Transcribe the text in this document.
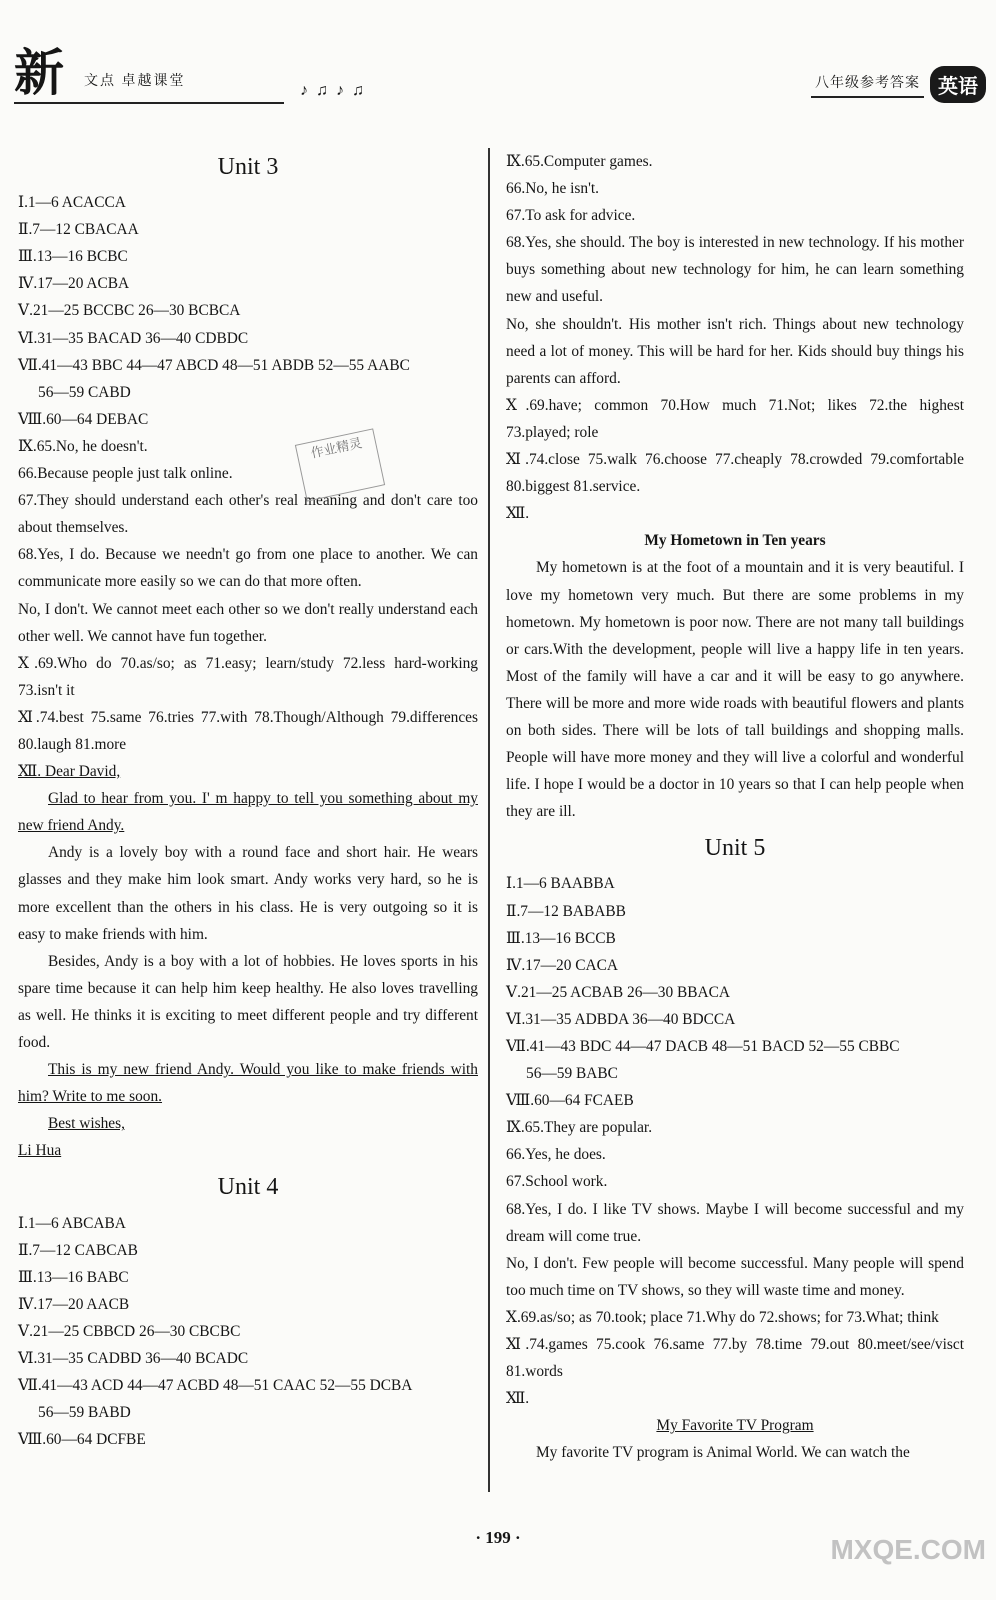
新 文点 卓越课堂
♪ ♫ ♪ ♫	八年级参考答案 英语

Unit 3

Ⅰ.1—6 ACACCA

Ⅱ.7—12 CBACAA

Ⅲ.13—16 BCBC

Ⅳ.17—20 ACBA

Ⅴ.21—25 BCCBC 26—30 BCBCA

Ⅵ.31—35 BACAD 36—40 CDBDC

Ⅶ.41—43 BBC 44—47 ABCD 48—51 ABDB 52—55 AABC

56—59 CABD

Ⅷ.60—64 DEBAC

Ⅸ.65.No, he doesn't.

66.Because people just talk online.

67.They should understand each other's real meaning and don't care too about themselves.

68.Yes, I do. Because we needn't go from one place to another. We can communicate more easily so we can do that more often.

No, I don't. We cannot meet each other so we don't really understand each other well. We cannot have fun together.

Ⅹ.69.Who do 70.as/so; as 71.easy; learn/study 72.less hard-working 73.isn't it

Ⅺ.74.best 75.same 76.tries 77.with 78.Though/Although 79.differences 80.laugh 81.more

Ⅻ. Dear David,

Glad to hear from you. I' m happy to tell you something about my new friend Andy.

Andy is a lovely boy with a round face and short hair. He wears glasses and they make him look smart. Andy works very hard, so he is more excellent than the others in his class. He is very outgoing so it is easy to make friends with him.

Besides, Andy is a boy with a lot of hobbies. He loves sports in his spare time because it can help him keep healthy. He also loves travelling as well. He thinks it is exciting to meet different people and try different food.

This is my new friend Andy. Would you like to make friends with him? Write to me soon.

Best wishes,

Li Hua

Unit 4

Ⅰ.1—6 ABCABA

Ⅱ.7—12 CABCAB

Ⅲ.13—16 BABC

Ⅳ.17—20 AACB

Ⅴ.21—25 CBBCD 26—30 CBCBC

Ⅵ.31—35 CADBD 36—40 BCADC

Ⅶ.41—43 ACD 44—47 ACBD 48—51 CAAC 52—55 DCBA

56—59 BABD

Ⅷ.60—64 DCFBE

Ⅸ.65.Computer games.

66.No, he isn't.

67.To ask for advice.

68.Yes, she should. The boy is interested in new technology. If his mother buys something about new technology for him, he can learn something new and useful.

No, she shouldn't. His mother isn't rich. Things about new technology need a lot of money. This will be hard for her. Kids should buy things his parents can afford.

Ⅹ.69.have; common 70.How much 71.Not; likes 72.the highest 73.played; role

Ⅺ.74.close 75.walk 76.choose 77.cheaply 78.crowded 79.comfortable 80.biggest 81.service.

Ⅻ.

My Hometown in Ten years

My hometown is at the foot of a mountain and it is very beautiful. I love my hometown very much. But there are some problems in my hometown. My hometown is poor now. There are not many tall buildings or cars.With the development, people will live a happy life in ten years. Most of the family will have a car and it will be easy to go anywhere. There will be more and more wide roads with beautiful flowers and plants on both sides. There will be lots of tall buildings and shopping malls. People will have more money and they will live a colorful and wonderful life. I hope I would be a doctor in 10 years so that I can help people when they are ill.

Unit 5

Ⅰ.1—6 BAABBA

Ⅱ.7—12 BABABB

Ⅲ.13—16 BCCB

Ⅳ.17—20 CACA

Ⅴ.21—25 ACBAB 26—30 BBACA

Ⅵ.31—35 ADBDA 36—40 BDCCA

Ⅶ.41—43 BDC 44—47 DACB 48—51 BACD 52—55 CBBC

56—59 BABC

Ⅷ.60—64 FCAEB

Ⅸ.65.They are popular.

66.Yes, he does.

67.School work.

68.Yes, I do. I like TV shows. Maybe I will become successful and my dream will come true.

No, I don't. Few people will become successful. Many people will spend too much time on TV shows, so they will waste time and money.

Ⅹ.69.as/so; as 70.took; place 71.Why do 72.shows; for 73.What; think

Ⅺ.74.games 75.cook 76.same 77.by 78.time 79.out 80.meet/see/visct 81.words

Ⅻ.

My Favorite TV Program

My favorite TV program is Animal World. We can watch the

作业精灵
· 199 ·	MXQE.COM
